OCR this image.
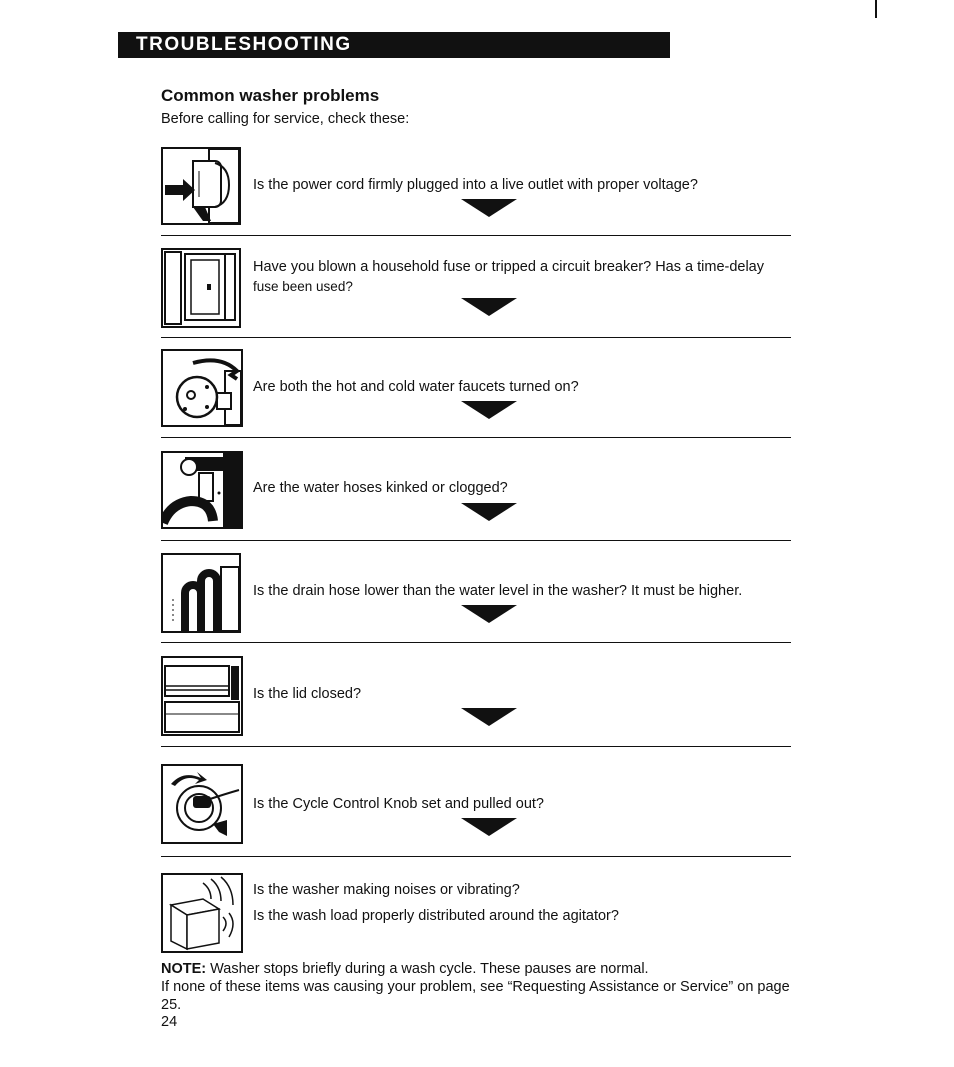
TROUBLESHOOTING
Common washer problems
Before calling for service, check these:
Is the power cord firmly plugged into a live outlet with proper voltage?
Have you blown a household fuse or tripped a circuit breaker? Has a time-delay
fuse been used?
Are both the hot and cold water faucets turned on?
Are the water hoses kinked or clogged?
Is the drain hose lower than the water level in the washer? It must be higher.
Is the lid closed?
Is the Cycle Control Knob set and pulled out?
Is the washer making noises or vibrating?
Is the wash load properly distributed around the agitator?
NOTE: Washer stops briefly during a wash cycle. These pauses are normal.
If none of these items was causing your problem, see “Requesting Assistance or Service” on page 25.
24
